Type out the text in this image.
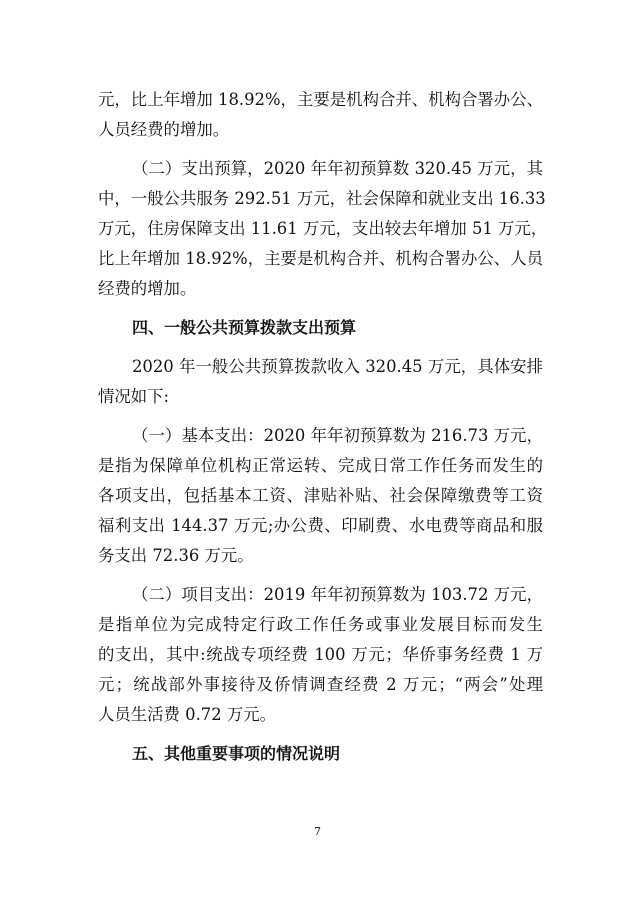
元，比上年增加 18.92%，主要是机构合并、机构合署办公、
人员经费的增加。
（二）支出预算，2020 年年初预算数 320.45 万元，其
中，一般公共服务 292.51 万元，社会保障和就业支出 16.33
万元，住房保障支出 11.61 万元，支出较去年增加 51 万元，
比上年增加 18.92%，主要是机构合并、机构合署办公、人员
经费的增加。
四、一般公共预算拨款支出预算
2020 年一般公共预算拨款收入 320.45 万元，具体安排
情况如下:
（一）基本支出：2020 年年初预算数为 216.73 万元，
是指为保障单位机构正常运转、完成日常工作任务而发生的
各项支出，包括基本工资、津贴补贴、社会保障缴费等工资
福利支出 144.37 万元;办公费、印刷费、水电费等商品和服
务支出 72.36 万元。
（二）项目支出：2019 年年初预算数为 103.72 万元，
是指单位为完成特定行政工作任务或事业发展目标而发生
的支出，其中:统战专项经费 100 万元；华侨事务经费 1 万
元；统战部外事接待及侨情调查经费 2 万元；“两会”处理
人员生活费 0.72 万元。
五、其他重要事项的情况说明
7
